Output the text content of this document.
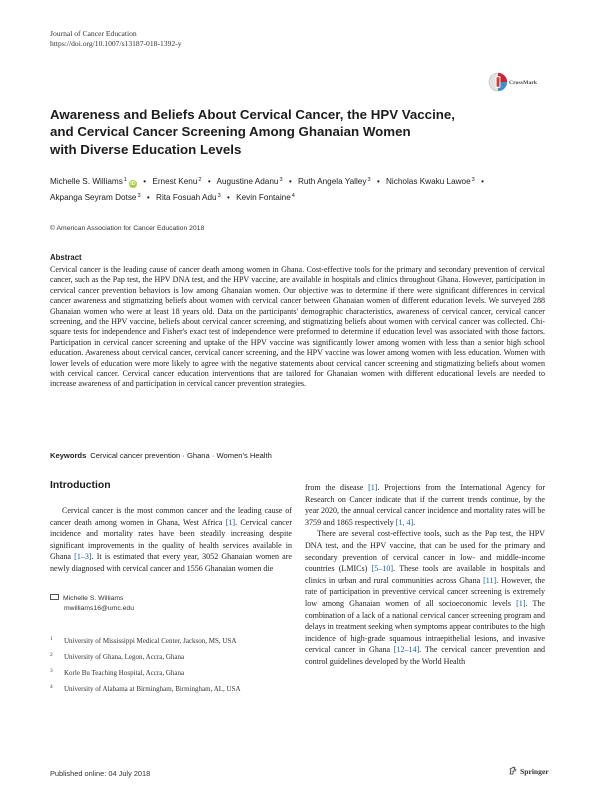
Journal of Cancer Education
https://doi.org/10.1007/s13187-018-1392-y
CrossMark
Awareness and Beliefs About Cervical Cancer, the HPV Vaccine,
and Cervical Cancer Screening Among Ghanaian Women
with Diverse Education Levels
Michelle S. Williams$^1$iD • Ernest Kenu$^2$ • Augustine Adanu$^3$ • Ruth Angela Yalley$^3$ • Nicholas Kwaku Lawoe$^3$ •
Akpanga Seyram Dotse$^3$ • Rita Fosuah Adu$^3$ • Kevin Fontaine$^4$
© American Association for Cancer Education 2018
Abstract
Cervical cancer is the leading cause of cancer death among women in Ghana. Cost-effective tools for the primary and secondary prevention of cervical cancer, such as the Pap test, the HPV DNA test, and the HPV vaccine, are available in hospitals and clinics throughout Ghana. However, participation in cervical cancer prevention behaviors is low among Ghanaian women. Our objective was to determine if there were significant differences in cervical cancer awareness and stigmatizing beliefs about women with cervical cancer between Ghanaian women of different education levels. We surveyed 288 Ghanaian women who were at least 18 years old. Data on the participants' demographic characteristics, awareness of cervical cancer, cervical cancer screening, and the HPV vaccine, beliefs about cervical cancer screening, and stigmatizing beliefs about women with cervical cancer was collected. Chi-square tests for independence and Fisher's exact test of independence were preformed to determine if education level was associated with those factors. Participation in cervical cancer screening and uptake of the HPV vaccine was significantly lower among women with less than a senior high school education. Awareness about cervical cancer, cervical cancer screening, and the HPV vaccine was lower among women with less education. Women with lower levels of education were more likely to agree with the negative statements about cervical cancer screening and stigmatizing beliefs about women with cervical cancer. Cervical cancer education interventions that are tailored for Ghanaian women with different educational levels are needed to increase awareness of and participation in cervical cancer prevention strategies.
Keywords Cervical cancer prevention · Ghana · Women's Health
Introduction

Cervical cancer is the most common cancer and the leading cause of cancer death among women in Ghana, West Africa [1]. Cervical cancer incidence and mortality rates have been steadily increasing despite significant improvements in the quality of health services available in Ghana [1–3]. It is estimated that every year, 3052 Ghanaian women are newly diagnosed with cervical cancer and 1556 Ghanaian women die

from the disease [1]. Projections from the International Agency for Research on Cancer indicate that if the current trends continue, by the year 2020, the annual cervical cancer incidence and mortality rates will be 3759 and 1865 respectively [1, 4].

There are several cost-effective tools, such as the Pap test, the HPV DNA test, and the HPV vaccine, that can be used for the primary and secondary prevention of cervical cancer in low- and middle-income countries (LMICs) [5–10]. These tools are available in hospitals and clinics in urban and rural communities across Ghana [11]. However, the rate of participation in preventive cervical cancer screening is extremely low among Ghanaian women of all socioeconomic levels [1]. The combination of a lack of a national cervical cancer screening program and delays in treatment seeking when symptoms appear contributes to the high incidence of high-grade squamous intraepithelial lesions, and invasive cervical cancer in Ghana [12–14]. The cervical cancer prevention and control guidelines developed by the World Health

Michelle S. Williams
mwilliams16@umc.edu
1	University of Mississippi Medical Center, Jackson, MS, USA
2	University of Ghana, Legon, Accra, Ghana
3	Korle Bu Teaching Hospital, Accra, Ghana
4	University of Alabama at Birmingham, Birmingham, AL, USA
Published online: 04 July 2018	Springer
